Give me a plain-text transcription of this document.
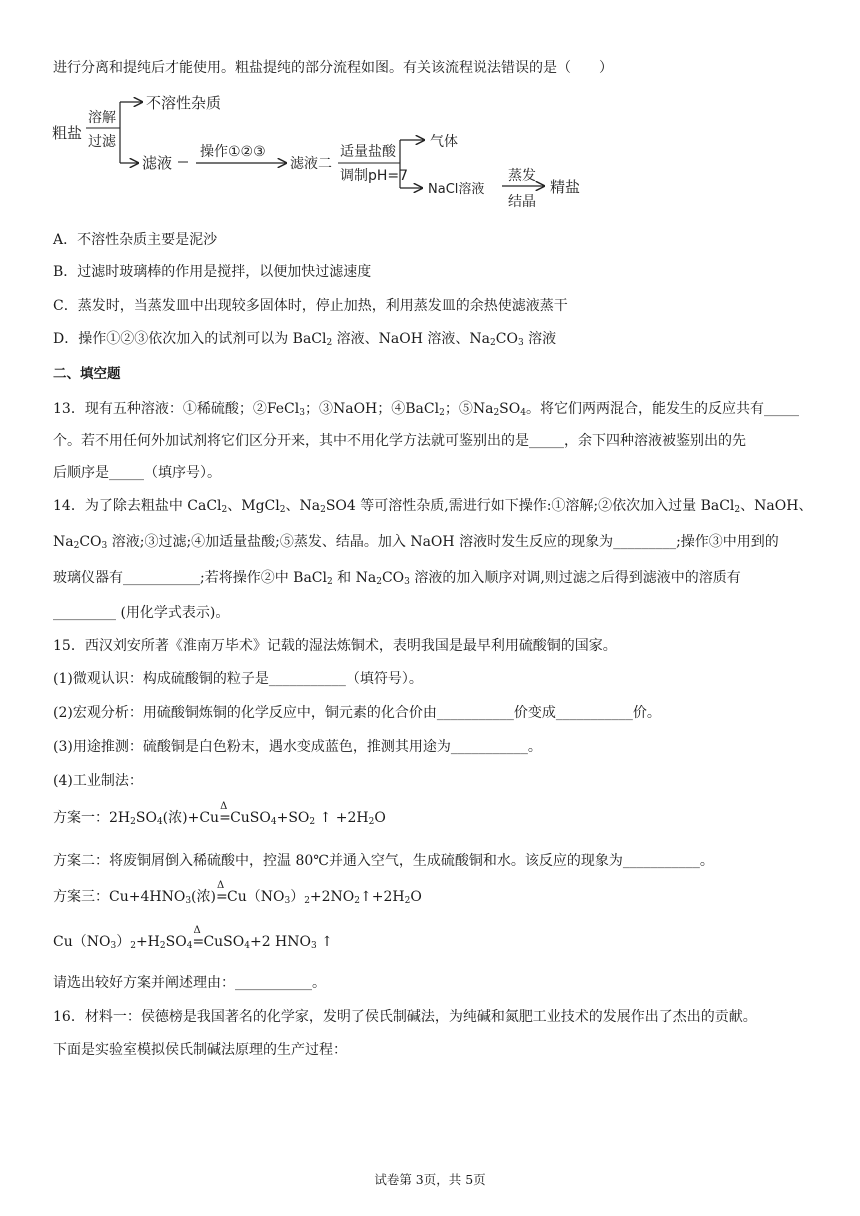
进行分离和提纯后才能使用。粗盐提纯的部分流程如图。有关该流程说法错误的是（　　）
粗盐
溶解
过滤
不溶性杂质
滤液
操作①②③
滤液二
适量盐酸
调制pH=7
气体
NaCl溶液
蒸发
结晶
精盐
A．不溶性杂质主要是泥沙
B．过滤时玻璃棒的作用是搅拌，以便加快过滤速度
C．蒸发时，当蒸发皿中出现较多固体时，停止加热，利用蒸发皿的余热使滤液蒸干
D．操作①②③依次加入的试剂可以为 BaCl$_2$ 溶液、NaOH 溶液、$Na_2CO_3$ 溶液
二、填空题
13．现有五种溶液：①稀硫酸；②FeCl$_3$；③NaOH；④BaCl$_2$；$⑤Na_2SO_4$。将它们两两混合，能发生的反应共有_____
个。若不用任何外加试剂将它们区分开来，其中不用化学方法就可鉴别出的是_____，余下四种溶液被鉴别出的先
后顺序是_____（填序号）。
14．为了除去粗盐中 CaCl$_2$、MgCl$_2$、$Na_2SO4$ 等可溶性杂质,需进行如下操作:①溶解;②依次加入过量 BaCl$_2$、NaOH、
$Na_2CO_3$ 溶液;③过滤;④加适量盐酸;⑤蒸发、结晶。加入 NaOH 溶液时发生反应的现象为_________;操作③中用到的
玻璃仪器有___________;若将操作②中 BaCl$_2$ 和 $Na_2CO_3$ 溶液的加入顺序对调,则过滤之后得到滤液中的溶质有
_________ (用化学式表示)。
15．西汉刘安所著《淮南万毕术》记载的湿法炼铜术，表明我国是最早利用硫酸铜的国家。
(1)微观认识：构成硫酸铜的粒子是___________（填符号）。
(2)宏观分析：用硫酸铜炼铜的化学反应中，铜元素的化合价由___________价变成___________价。
(3)用途推测：硫酸铜是白色粉末，遇水变成蓝色，推测其用途为___________。
(4)工业制法：
方案一：$2H_2SO_4$(浓)+Cu
Δ
$=CuSO_4+SO_2$ ↑ $+2H_2O$
方案二：将废铜屑倒入稀硫酸中，控温 80℃并通入空气，生成硫酸铜和水。该反应的现象为___________。
方案三：$Cu+4HNO_3$(浓)
Δ
$=Cu(NO_3)_2+2NO_2↑+2H_2O$
$Cu(NO_3)_2+H_2SO_4$
Δ
=CuSO$_4$+2 $HNO_3$ ↑
请选出较好方案并阐述理由：___________。
16．材料一：侯德榜是我国著名的化学家，发明了侯氏制碱法，为纯碱和氮肥工业技术的发展作出了杰出的贡献。
下面是实验室模拟侯氏制碱法原理的生产过程：
试卷第 3页，共 5页
